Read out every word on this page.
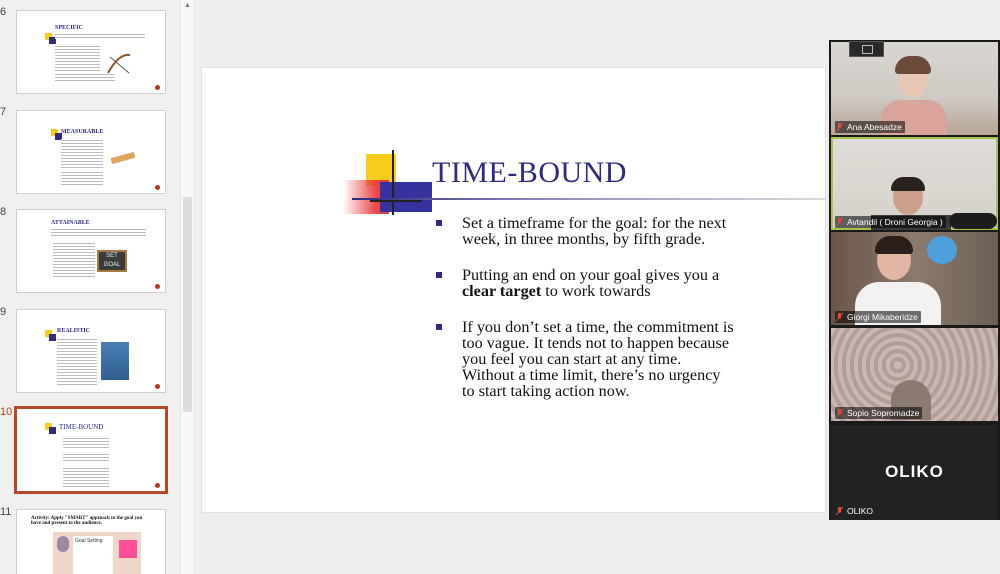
6
SPECIFIC
7
MEASURABLE
8
ATTAINABLE
SET GOAL
9
REALISTIC
10
TIME-BOUND
11
Activity: Apply "SMART" approach to the goal you have and present to the audience.
Goal Setting
▲
TIME-BOUND
Set a timeframe for the goal: for the next week, in three months, by fifth grade.
Putting an end on your goal gives you a clear target to work towards
If you don’t set a time, the commitment is too vague. It tends not to happen because you feel you can start at any time. Without a time limit, there’s no urgency to start taking action now.
Ana Abesadze
Avtandil ( Droni Georgia )
Giorgi Mikaberidze
Sopio Sopromadze
OLIKO
OLIKO
